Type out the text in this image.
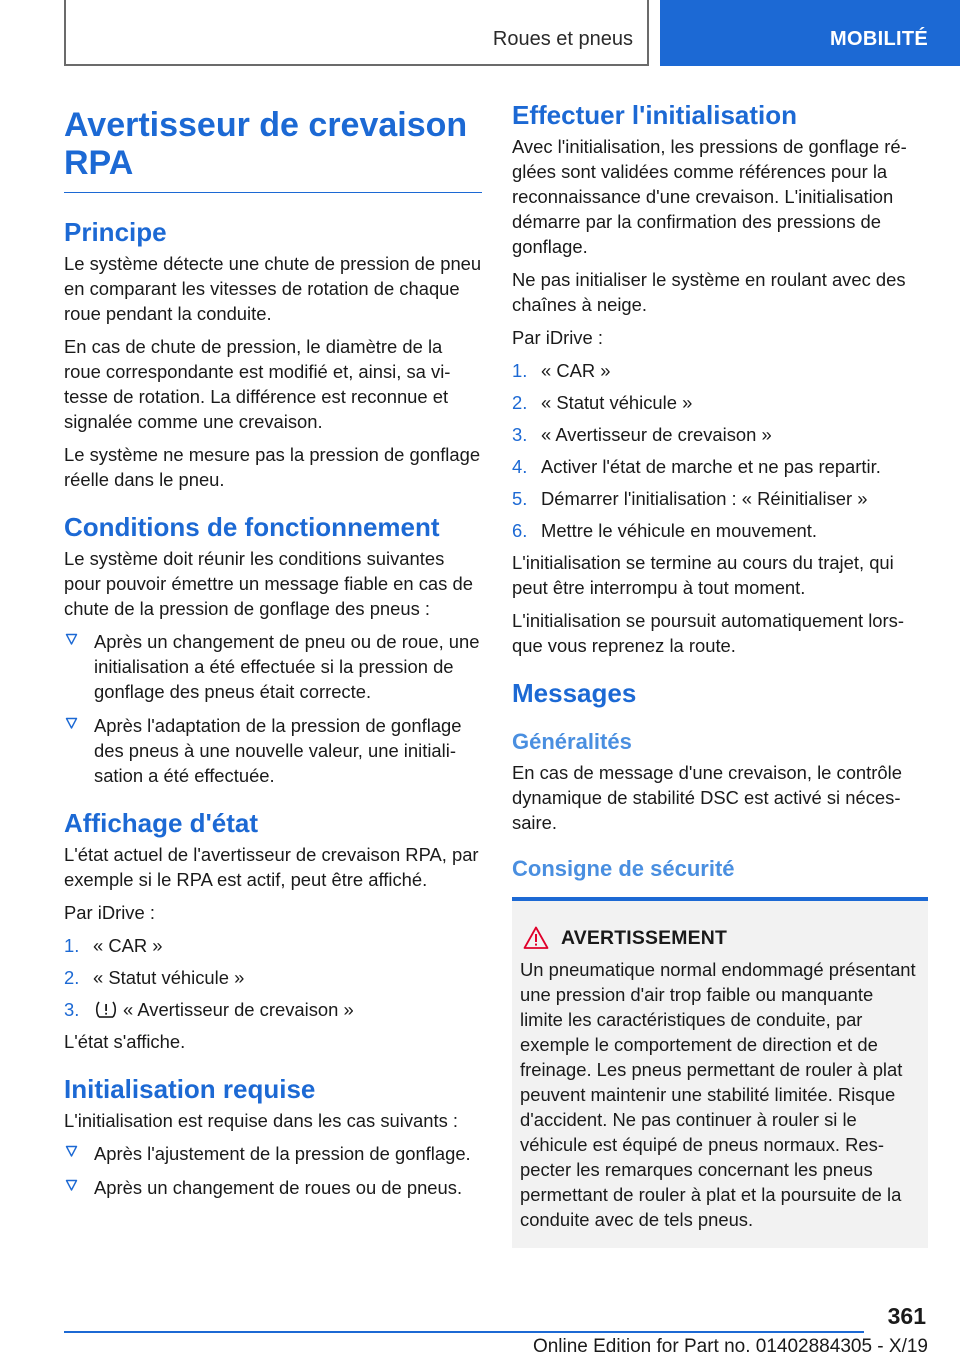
Roues et pneus	MOBILITÉ
Avertisseur de crevaison RPA
Principe

Le système détecte une chute de pression de pneu en comparant les vitesses de rotation de chaque roue pendant la conduite.

En cas de chute de pression, le diamètre de la roue correspondante est modifié et, ainsi, sa vitesse de rotation. La différence est reconnue et signalée comme une crevaison.

Le système ne mesure pas la pression de gonflage réelle dans le pneu.

Conditions de fonctionnement

Le système doit réunir les conditions suivantes pour pouvoir émettre un message fiable en cas de chute de la pression de gonflage des pneus :

Après un changement de pneu ou de roue, une initialisation a été effectuée si la pression de gonflage des pneus était correcte.
Après l'adaptation de la pression de gonflage des pneus à une nouvelle valeur, une initialisation a été effectuée.
Affichage d'état

L'état actuel de l'avertisseur de crevaison RPA, par exemple si le RPA est actif, peut être affiché.

Par iDrive :

1. « CAR »
2. « Statut véhicule »
3. « Avertisseur de crevaison »

L'état s'affiche.

Initialisation requise

L'initialisation est requise dans les cas suivants :

Après l'ajustement de la pression de gonflage.
Après un changement de roues ou de pneus.
Effectuer l'initialisation

Avec l'initialisation, les pressions de gonflage réglées sont validées comme références pour la reconnaissance d'une crevaison. L'initialisation démarre par la confirmation des pressions de gonflage.

Ne pas initialiser le système en roulant avec des chaînes à neige.

Par iDrive :

1. « CAR »
2. « Statut véhicule »
3. « Avertisseur de crevaison »
4. Activer l'état de marche et ne pas repartir.
5. Démarrer l'initialisation : « Réinitialiser »
6. Mettre le véhicule en mouvement.

L'initialisation se termine au cours du trajet, qui peut être interrompu à tout moment.

L'initialisation se poursuit automatiquement lorsque vous reprenez la route.

Messages
Généralités

En cas de message d'une crevaison, le contrôle dynamique de stabilité DSC est activé si nécessaire.

Consigne de sécurité
AVERTISSEMENT

Un pneumatique normal endommagé présentant une pression d'air trop faible ou manquante limite les caractéristiques de conduite, par exemple le comportement de direction et de freinage. Les pneus permettant de rouler à plat peuvent maintenir une stabilité limitée. Risque d'accident. Ne pas continuer à rouler si le véhicule est équipé de pneus normaux. Respecter les remarques concernant les pneus permettant de rouler à plat et la poursuite de la conduite avec de tels pneus.

361
Online Edition for Part no. 01402884305 - X/19
